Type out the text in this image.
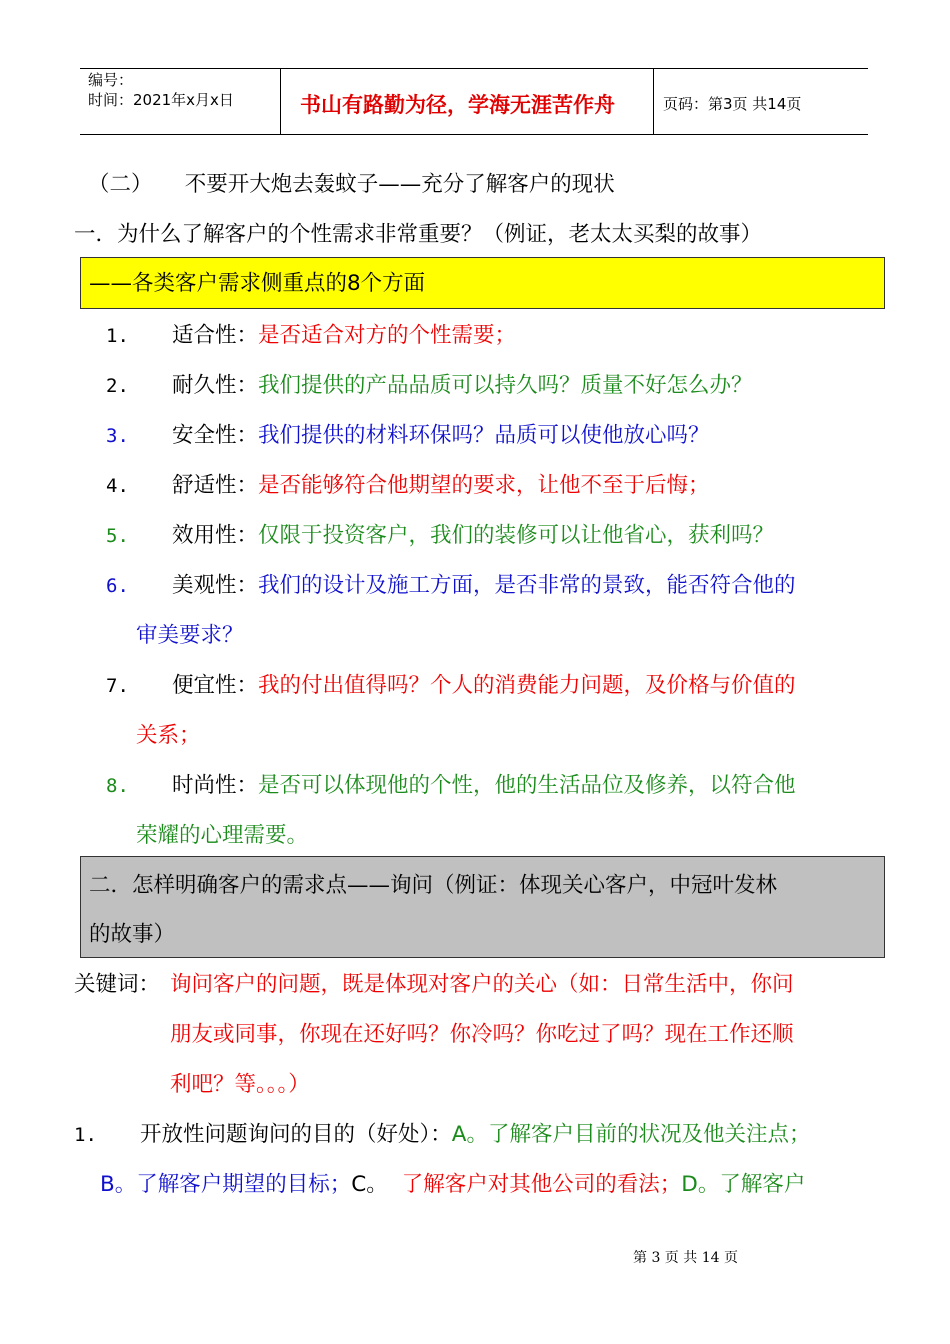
编号：
时间：2021年x月x日	书山有路勤为径，学海无涯苦作舟	页码：第3页 共14页
（二）　　不要开大炮去轰蚊子——充分了解客户的现状
一．为什么了解客户的个性需求非常重要？（例证，老太太买梨的故事）
——各类客户需求侧重点的8个方面
1. 适合性：是否适合对方的个性需要；
2. 耐久性：我们提供的产品品质可以持久吗？质量不好怎么办？
3. 安全性：我们提供的材料环保吗？品质可以使他放心吗？
4. 舒适性：是否能够符合他期望的要求，让他不至于后悔；
5. 效用性：仅限于投资客户，我们的装修可以让他省心，获利吗？
6. 美观性：我们的设计及施工方面，是否非常的景致，能否符合他的
审美要求？
7. 便宜性：我的付出值得吗？个人的消费能力问题，及价格与价值的
关系；
8. 时尚性：是否可以体现他的个性，他的生活品位及修养，以符合他
荣耀的心理需要。
二．怎样明确客户的需求点——询问（例证：体现关心客户，中冠叶发林
的故事）
关键词： 询问客户的问题，既是体现对客户的关心（如：日常生活中，你问
朋友或同事，你现在还好吗？你冷吗？你吃过了吗？现在工作还顺
利吧？等。。。）
1. 开放性问题询问的目的（好处）：A。了解客户目前的状况及他关注点；
B。了解客户期望的目标；C。 了解客户对其他公司的看法；D。了解客户
第 3 页 共 14 页
